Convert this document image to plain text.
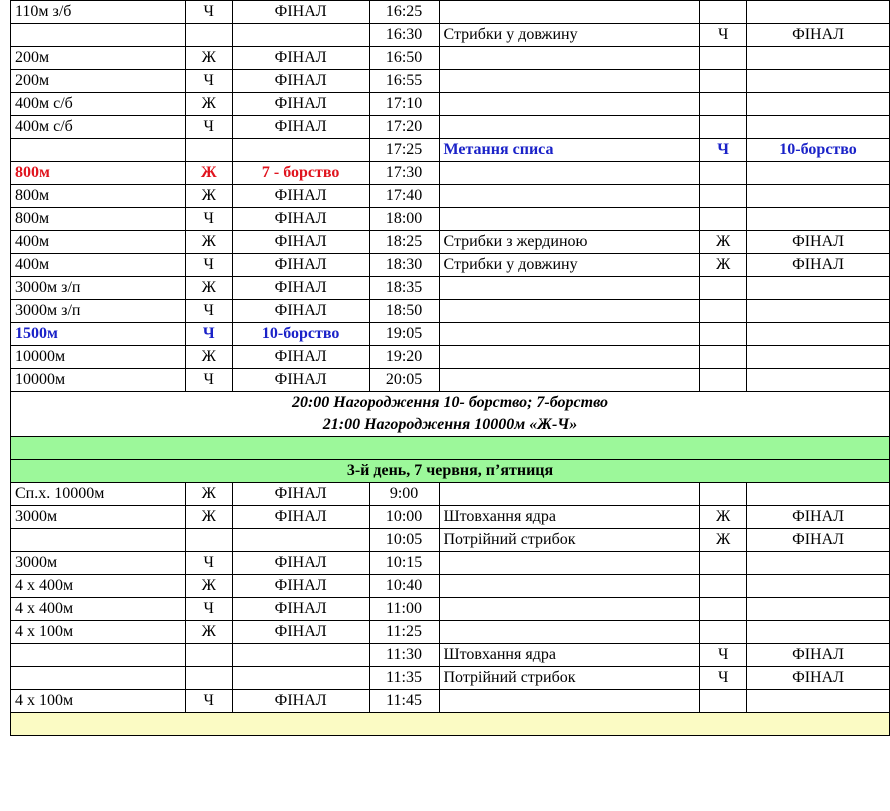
110м з/б	Ч	ФІНАЛ	16:25			
			16:30	Стрибки у довжину	Ч	ФІНАЛ
200м	Ж	ФІНАЛ	16:50			
200м	Ч	ФІНАЛ	16:55			
400м с/б	Ж	ФІНАЛ	17:10			
400м с/б	Ч	ФІНАЛ	17:20			
			17:25	Метання списа	Ч	10-борство
800м	Ж	7 - борство	17:30			
800м	Ж	ФІНАЛ	17:40			
800м	Ч	ФІНАЛ	18:00			
400м	Ж	ФІНАЛ	18:25	Стрибки з жердиною	Ж	ФІНАЛ
400м	Ч	ФІНАЛ	18:30	Стрибки у довжину	Ж	ФІНАЛ
3000м з/п	Ж	ФІНАЛ	18:35			
3000м з/п	Ч	ФІНАЛ	18:50			
1500м	Ч	10-борство	19:05			
10000м	Ж	ФІНАЛ	19:20			
10000м	Ч	ФІНАЛ	20:05			

20:00 Нагородження 10- борство; 7-борство
21:00 Нагородження 10000м «Ж-Ч»						

3-й день, 7 червня, п’ятниця						
Сп.х. 10000м	Ж	ФІНАЛ	9:00			
3000м	Ж	ФІНАЛ	10:00	Штовхання ядра	Ж	ФІНАЛ
			10:05	Потрійний стрибок	Ж	ФІНАЛ
3000м	Ч	ФІНАЛ	10:15			
4 х 400м	Ж	ФІНАЛ	10:40			
4 х 400м	Ч	ФІНАЛ	11:00			
4 х 100м	Ж	ФІНАЛ	11:25			
			11:30	Штовхання ядра	Ч	ФІНАЛ
			11:35	Потрійний стрибок	Ч	ФІНАЛ
4 х 100м	Ч	ФІНАЛ	11:45			
